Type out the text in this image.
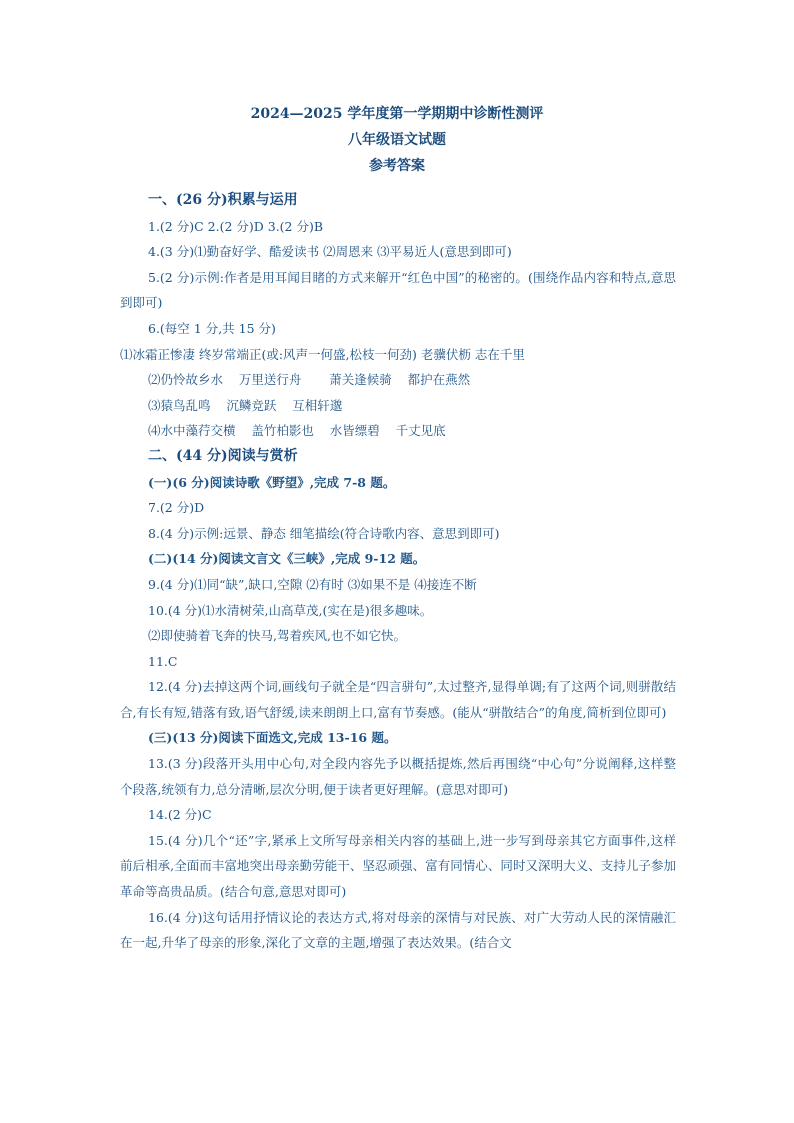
2024—2025 学年度第一学期期中诊断性测评
八年级语文试题
参考答案
一、(26 分)积累与运用
1.(2 分)C 2.(2 分)D 3.(2 分)B
4.(3 分)⑴勤奋好学、酷爱读书 ⑵周恩来 ⑶平易近人(意思到即可)
5.(2 分)示例:作者是用耳闻目睹的方式来解开“红色中国”的秘密的。(围绕作品内容和特点,意思到即可)
6.(每空 1 分,共 15 分)
⑴冰霜正惨凄 终岁常端正(或:风声一何盛,松枝一何劲) 老骥伏枥 志在千里
⑵仍怜故乡水    万里送行舟       萧关逢候骑    都护在燕然
⑶猿鸟乱鸣    沉鳞竞跃    互相轩邈
⑷水中藻荇交横    盖竹柏影也    水皆缥碧    千丈见底
二、(44 分)阅读与赏析
(一)(6 分)阅读诗歌《野望》,完成 7-8 题。
7.(2 分)D
8.(4 分)示例:远景、静态 细笔描绘(符合诗歌内容、意思到即可)
(二)(14 分)阅读文言文《三峡》,完成 9-12 题。
9.(4 分)⑴同“缺”,缺口,空隙 ⑵有时 ⑶如果不是 ⑷接连不断
10.(4 分)⑴水清树荣,山高草茂,(实在是)很多趣味。
⑵即使骑着飞奔的快马,驾着疾风,也不如它快。
11.C
12.(4 分)去掉这两个词,画线句子就全是“四言骈句”,太过整齐,显得单调;有了这两个词,则骈散结合,有长有短,错落有致,语气舒缓,读来朗朗上口,富有节奏感。(能从“骈散结合”的角度,简析到位即可)
(三)(13 分)阅读下面选文,完成 13-16 题。
13.(3 分)段落开头用中心句,对全段内容先予以概括提炼,然后再围绕“中心句”分说阐释,这样整个段落,统领有力,总分清晰,层次分明,便于读者更好理解。(意思对即可)
14.(2 分)C
15.(4 分)几个“还”字,紧承上文所写母亲相关内容的基础上,进一步写到母亲其它方面事件,这样前后相承,全面而丰富地突出母亲勤劳能干、坚忍顽强、富有同情心、同时又深明大义、支持儿子参加革命等高贵品质。(结合句意,意思对即可)
16.(4 分)这句话用抒情议论的表达方式,将对母亲的深情与对民族、对广大劳动人民的深情融汇在一起,升华了母亲的形象,深化了文章的主题,增强了表达效果。(结合文
